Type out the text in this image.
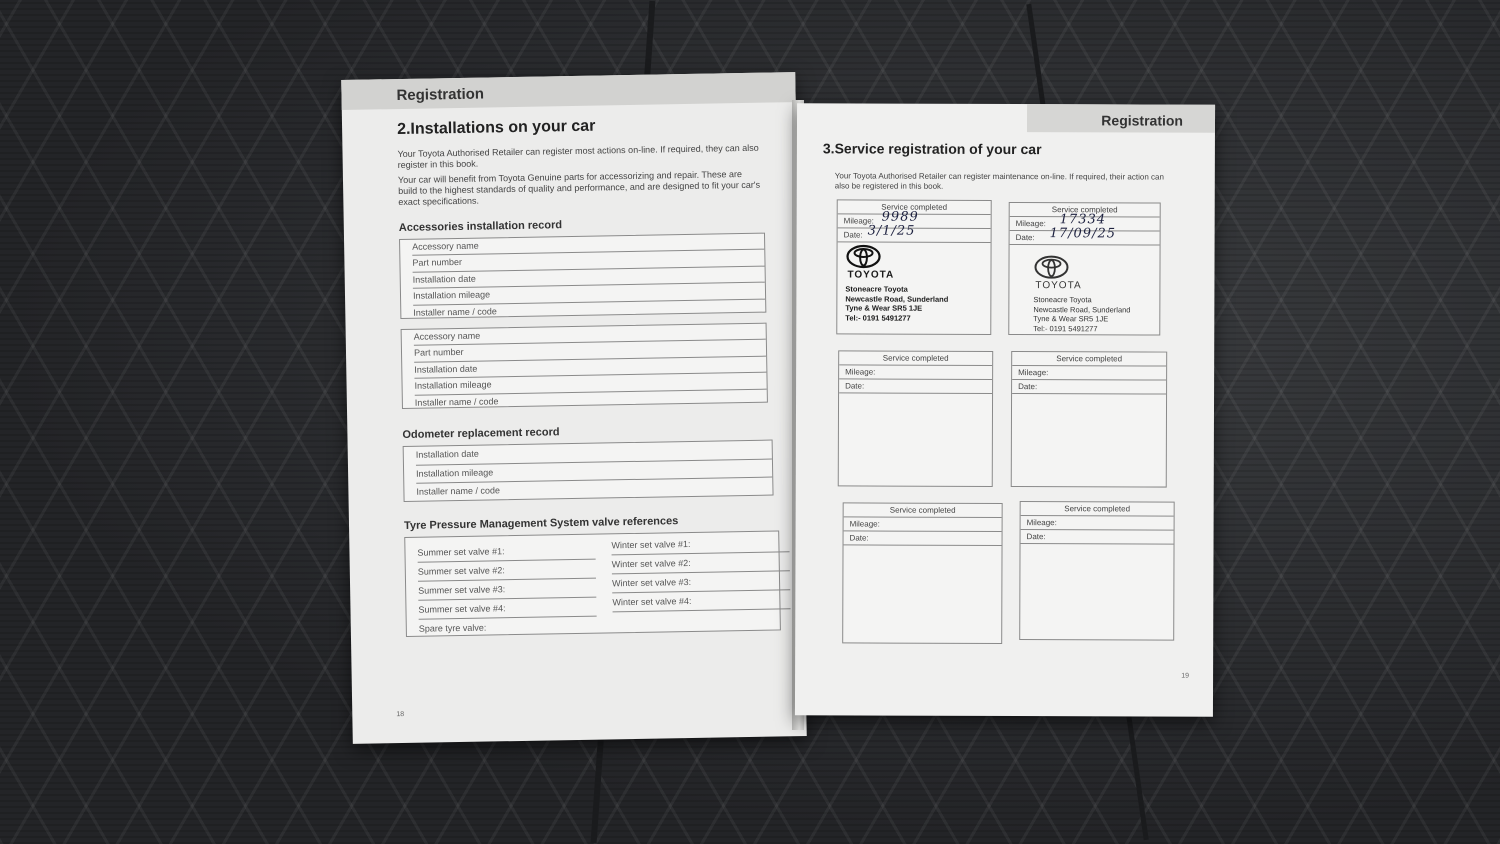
Registration
2.Installations on your car
Your Toyota Authorised Retailer can register most actions on-line. If required, they can also register in this book.
Your car will benefit from Toyota Genuine parts for accessorizing and repair. These are build to the highest standards of quality and performance, and are designed to fit your car's exact specifications.
Accessories installation record
Accessory name
Part number
Installation date
Installation mileage
Installer name / code
Accessory name
Part number
Installation date
Installation mileage
Installer name / code
Odometer replacement record
Installation date
Installation mileage
Installer name / code
Tyre Pressure Management System valve references
Summer set valve #1:
Summer set valve #2:
Summer set valve #3:
Summer set valve #4:
Spare tyre valve:
Winter set valve #1:
Winter set valve #2:
Winter set valve #3:
Winter set valve #4:
18
Registration
3.Service registration of your car
Your Toyota Authorised Retailer can register maintenance on-line. If required, their action can also be registered in this book.
Service completed
Mileage: 9989
Date: 3/1/25
TOYOTA
Stoneacre Toyota
Newcastle Road, Sunderland
Tyne & Wear SR5 1JE
Tel:- 0191 5491277
Service completed
Mileage: 17334
Date: 17/09/25
TOYOTA
Stoneacre Toyota
Newcastle Road, Sunderland
Tyne & Wear SR5 1JE
Tel:- 0191 5491277
Service completed
Mileage:
Date:
Service completed
Mileage:
Date:
Service completed
Mileage:
Date:
Service completed
Mileage:
Date:
19
